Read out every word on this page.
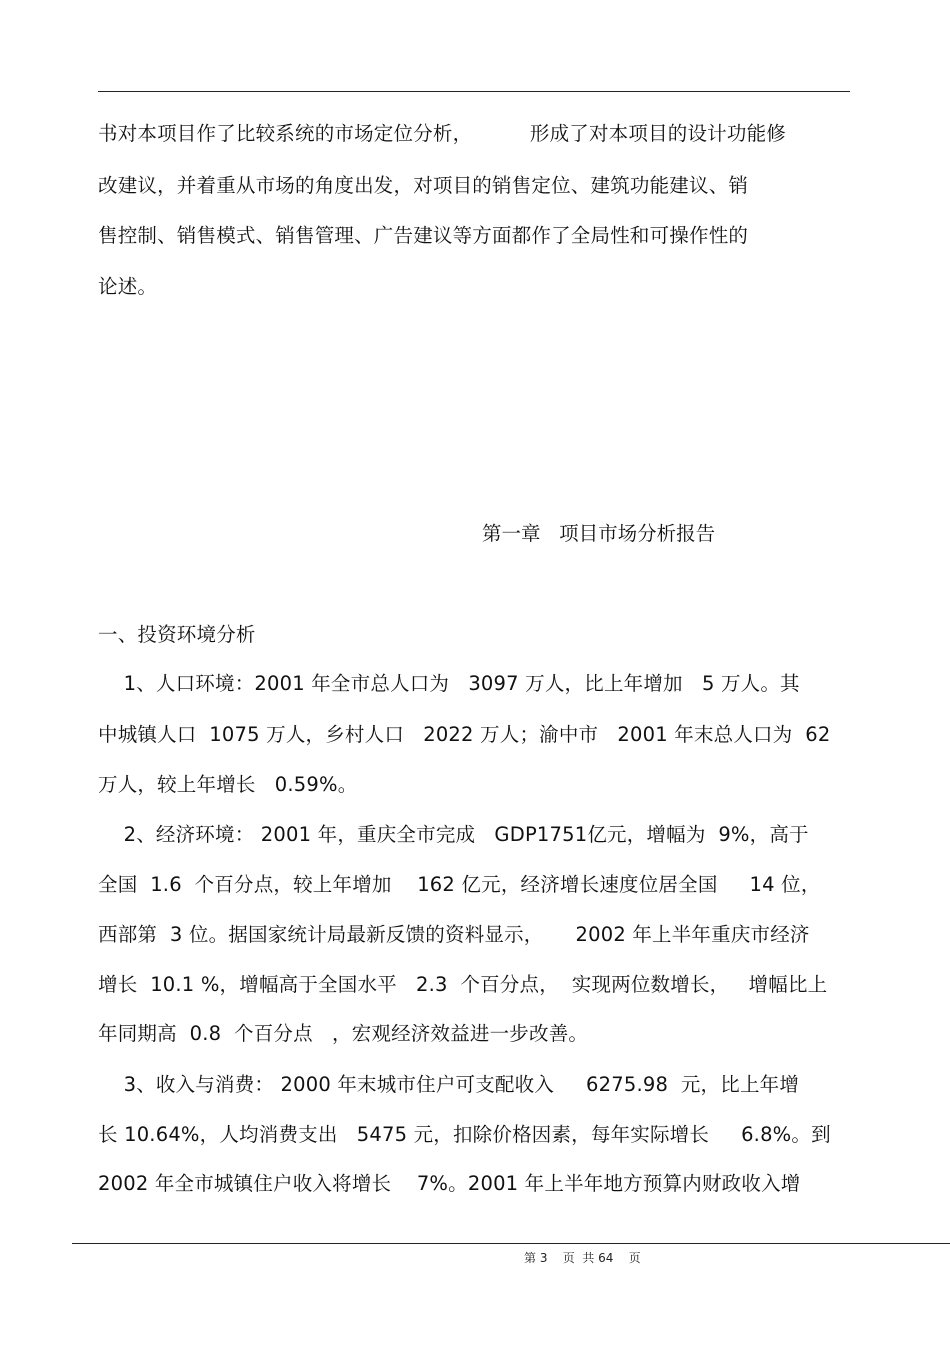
书对本项目作了比较系统的市场定位分析，         形成了对本项目的设计功能修
改建议，并着重从市场的角度出发，对项目的销售定位、建筑功能建议、销
售控制、销售模式、销售管理、广告建议等方面都作了全局性和可操作性的
论述。
第一章   项目市场分析报告
一、投资环境分析
1、人口环境：2001 年全市总人口为   3097 万人，比上年增加   5 万人。其
中城镇人口  1075 万人，乡村人口   2022 万人；渝中市   2001 年末总人口为  62
万人，较上年增长   0.59%。
2、经济环境： 2001 年，重庆全市完成   GDP1751亿元，增幅为  9%，高于
全国  1.6  个百分点，较上年增加    162 亿元，经济增长速度位居全国     14 位，
西部第  3 位。据国家统计局最新反馈的资料显示，     2002 年上半年重庆市经济
增长  10.1 %，增幅高于全国水平   2.3  个百分点，  实现两位数增长，   增幅比上
年同期高  0.8  个百分点   ，宏观经济效益进一步改善。
3、收入与消费： 2000 年末城市住户可支配收入     6275.98  元，比上年增
长 10.64%，人均消费支出   5475 元，扣除价格因素，每年实际增长     6.8%。到
2002 年全市城镇住户收入将增长    7%。2001 年上半年地方预算内财政收入增
第 3    页  共 64    页
